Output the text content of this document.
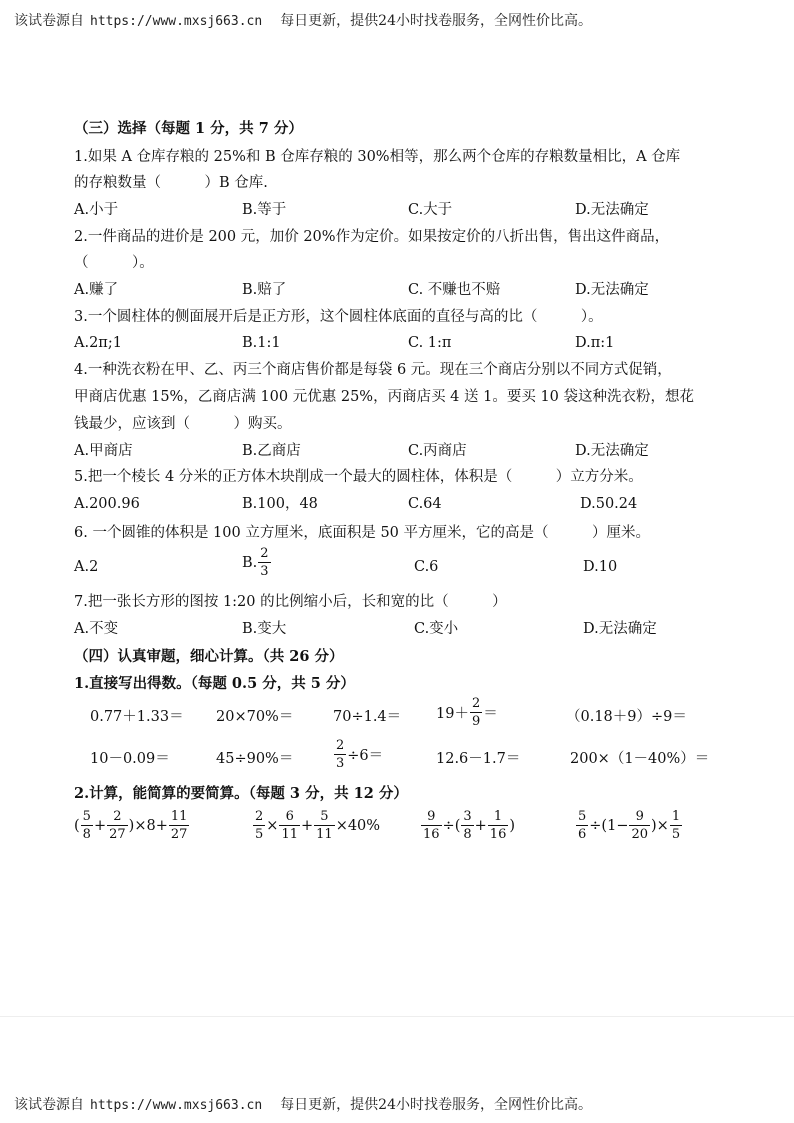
该试卷源自 https://www.mxsj663.cn 每日更新，提供24小时找卷服务，全网性价比高。
（三）选择（每题 1 分，共 7 分）
1.如果 A 仓库存粮的 25%和 B 仓库存粮的 30%相等，那么两个仓库的存粮数量相比，A 仓库
的存粮数量（　　　）B 仓库.
A.小于	B.等于	C.大于	D.无法确定
2.一件商品的进价是 200 元，加价 20%作为定价。如果按定价的八折出售，售出这件商品，
（　　　）。
A.赚了	B.赔了	C. 不赚也不赔	D.无法确定
3.一个圆柱体的侧面展开后是正方形，这个圆柱体底面的直径与高的比（　　　）。
A.2π;1	B.1:1	C. 1:π	D.π:1
4.一种洗衣粉在甲、乙、丙三个商店售价都是每袋 6 元。现在三个商店分别以不同方式促销，
甲商店优惠 15%，乙商店满 100 元优惠 25%，丙商店买 4 送 1。要买 10 袋这种洗衣粉，想花
钱最少，应该到（　　　）购买。
A.甲商店	B.乙商店	C.丙商店	D.无法确定
5.把一个棱长 4 分米的正方体木块削成一个最大的圆柱体，体积是（　　　）立方分米。
A.200.96	B.100，48	C.64	D.50.24
6. 一个圆锥的体积是 100 立方厘米，底面积是 50 平方厘米，它的高是（　　　）厘米。
A.2	B. $\frac{2}{3}$	C.6	D.10
7.把一张长方形的图按 1:20 的比例缩小后，长和宽的比（　　　）
A.不变	B.变大	C.变小	D.无法确定
（四）认真审题，细心计算。（共 26 分）
1.直接写出得数。（每题 0.5 分，共 5 分）
0.77＋1.33＝ 20×70%＝	$70\div 1.4= 19+ \frac{2}{9}$ ＝	（0.18＋9）÷9＝
10－0.09＝	45÷90%＝	$\frac{2}{3} \div 6=$	12.6－1.7＝	200×（1－40%）＝
2.计算，能简算的要简算。（每题 3 分，共 12 分）
( $\frac{5}{8} + \frac{2}{27} )\times 8+ \frac{11}{27}$	$\frac{2}{5} \times \frac{6}{11} + \frac{5}{11} \times 40\%$	$\frac{9}{16}$ ÷( $\frac{3}{8} + \frac{1}{16}$ )	$\frac{5}{6} \div(1- \frac{9}{20}$ )× $\frac{1}{5}$
该试卷源自 https://www.mxsj663.cn 每日更新，提供24小时找卷服务，全网性价比高。
